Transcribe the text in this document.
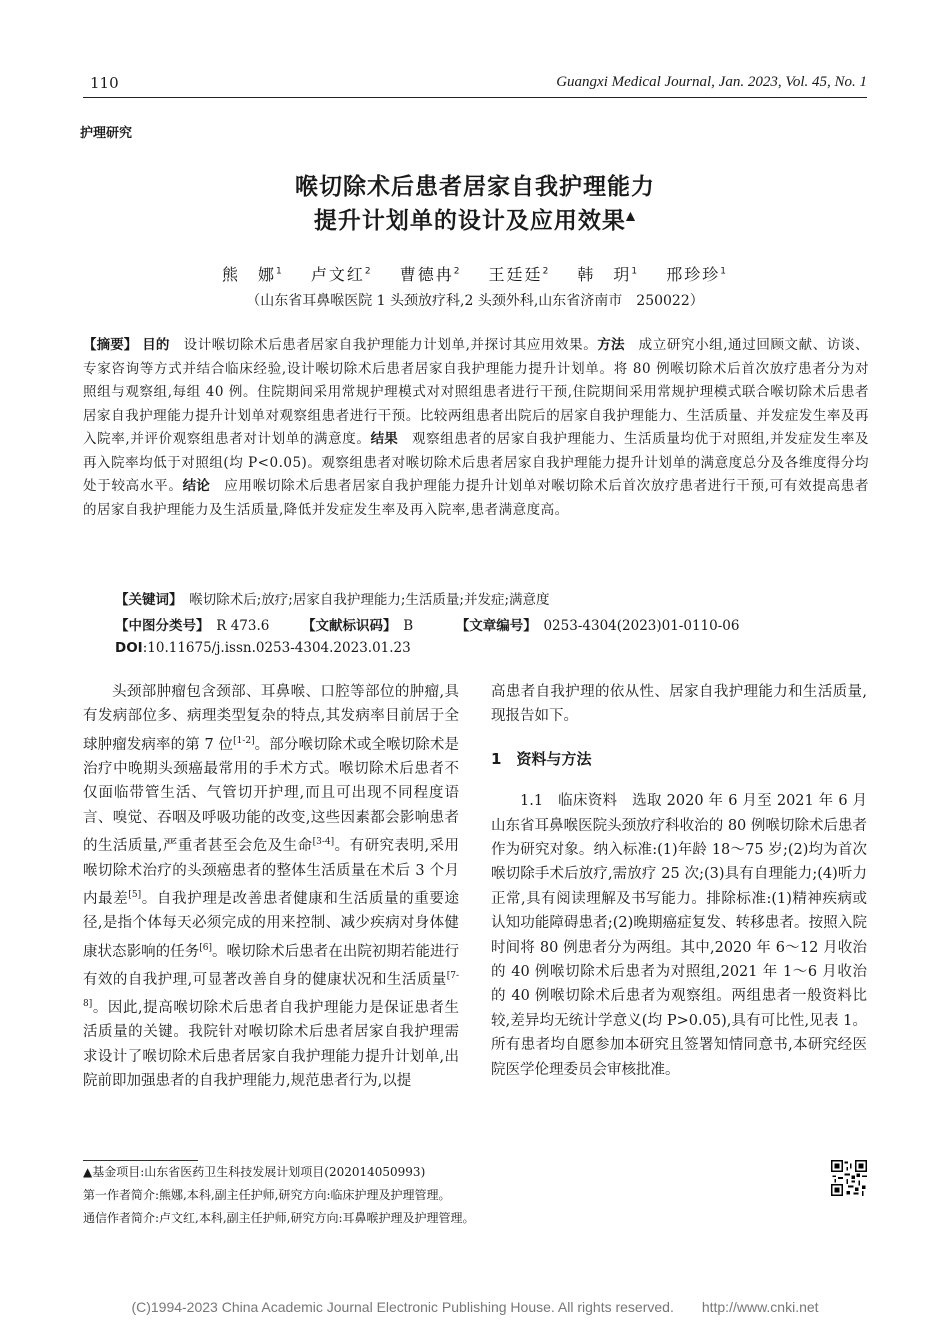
110	Guangxi Medical Journal, Jan. 2023, Vol. 45, No. 1
护理研究
喉切除术后患者居家自我护理能力
提升计划单的设计及应用效果▲
熊　娜$^1$ 卢文红$^2$ 曹德冉$^2$ 王廷廷$^2$ 韩　玥$^1$ 邢珍珍$^1$
（山东省耳鼻喉医院 1 头颈放疗科,2 头颈外科,山东省济南市　250022）
【摘要】 目的　 设计喉切除术后患者居家自我护理能力计划单,并探讨其应用效果。方法　 成立研究小组,通过回顾文献、访谈、专家咨询等方式并结合临床经验,设计喉切除术后患者居家自我护理能力提升计划单。将 80 例喉切除术后首次放疗患者分为对照组与观察组,每组 40 例。住院期间采用常规护理模式对对照组患者进行干预,住院期间采用常规护理模式联合喉切除术后患者居家自我护理能力提升计划单对观察组患者进行干预。比较两组患者出院后的居家自我护理能力、生活质量、并发症发生率及再入院率,并评价观察组患者对计划单的满意度。结果　 观察组患者的居家自我护理能力、生活质量均优于对照组,并发症发生率及再入院率均低于对照组(均 P<0.05)。观察组患者对喉切除术后患者居家自我护理能力提升计划单的满意度总分及各维度得分均处于较高水平。结论　 应用喉切除术后患者居家自我护理能力提升计划单对喉切除术后首次放疗患者进行干预,可有效提高患者的居家自我护理能力及生活质量,降低并发症发生率及再入院率,患者满意度高。
【关键词】　 喉切除术后;放疗;居家自我护理能力;生活质量;并发症;满意度
【中图分类号】　 R 473.6 【文献标识码】　 B	【文章编号】　 0253-4304(2023)01-0110-06
DOI:10.11675/j.issn.0253-4304.2023.01.23

头颈部肿瘤包含颈部、耳鼻喉、口腔等部位的肿瘤,具有发病部位多、病理类型复杂的特点,其发病率目前居于全球肿瘤发病率的第 7 位[1-2]。部分喉切除术或全喉切除术是治疗中晚期头颈癌最常用的手术方式。喉切除术后患者不仅面临带管生活、气管切开护理,而且可出现不同程度语言、嗅觉、吞咽及呼吸功能的改变,这些因素都会影响患者的生活质量,严重者甚至会危及生命[3-4]。有研究表明,采用喉切除术治疗的头颈癌患者的整体生活质量在术后 3 个月内最差[5]。自我护理是改善患者健康和生活质量的重要途径,是指个体每天必须完成的用来控制、减少疾病对身体健康状态影响的任务[6]。喉切除术后患者在出院初期若能进行有效的自我护理,可显著改善自身的健康状况和生活质量[7-8]。因此,提高喉切除术后患者自我护理能力是保证患者生活质量的关键。我院针对喉切除术后患者居家自我护理需求设计了喉切除术后患者居家自我护理能力提升计划单,出院前即加强患者的自我护理能力,规范患者行为,以提

高患者自我护理的依从性、居家自我护理能力和生活质量,现报告如下。

1　资料与方法

1.1　临床资料　 选取 2020 年 6 月至 2021 年 6 月山东省耳鼻喉医院头颈放疗科收治的 80 例喉切除术后患者作为研究对象。纳入标准:(1)年龄 18～75 岁;(2)均为首次喉切除手术后放疗,需放疗 25 次;(3)具有自理能力;(4)听力正常,具有阅读理解及书写能力。排除标准:(1)精神疾病或认知功能障碍患者;(2)晚期癌症复发、转移患者。按照入院时间将 80 例患者分为两组。其中,2020 年 6～12 月收治的 40 例喉切除术后患者为对照组,2021 年 1～6 月收治的 40 例喉切除术后患者为观察组。两组患者一般资料比较,差异均无统计学意义(均 P>0.05),具有可比性,见表 1。所有患者均自愿参加本研究且签署知情同意书,本研究经医院医学伦理委员会审核批准。

▲基金项目:山东省医药卫生科技发展计划项目(202014050993)
第一作者简介:熊娜,本科,副主任护师,研究方向:临床护理及护理管理。
通信作者简介:卢文红,本科,副主任护师,研究方向:耳鼻喉护理及护理管理。
(C)1994-2023 China Academic Journal Electronic Publishing House. All rights reserved.　　http://www.cnki.net
